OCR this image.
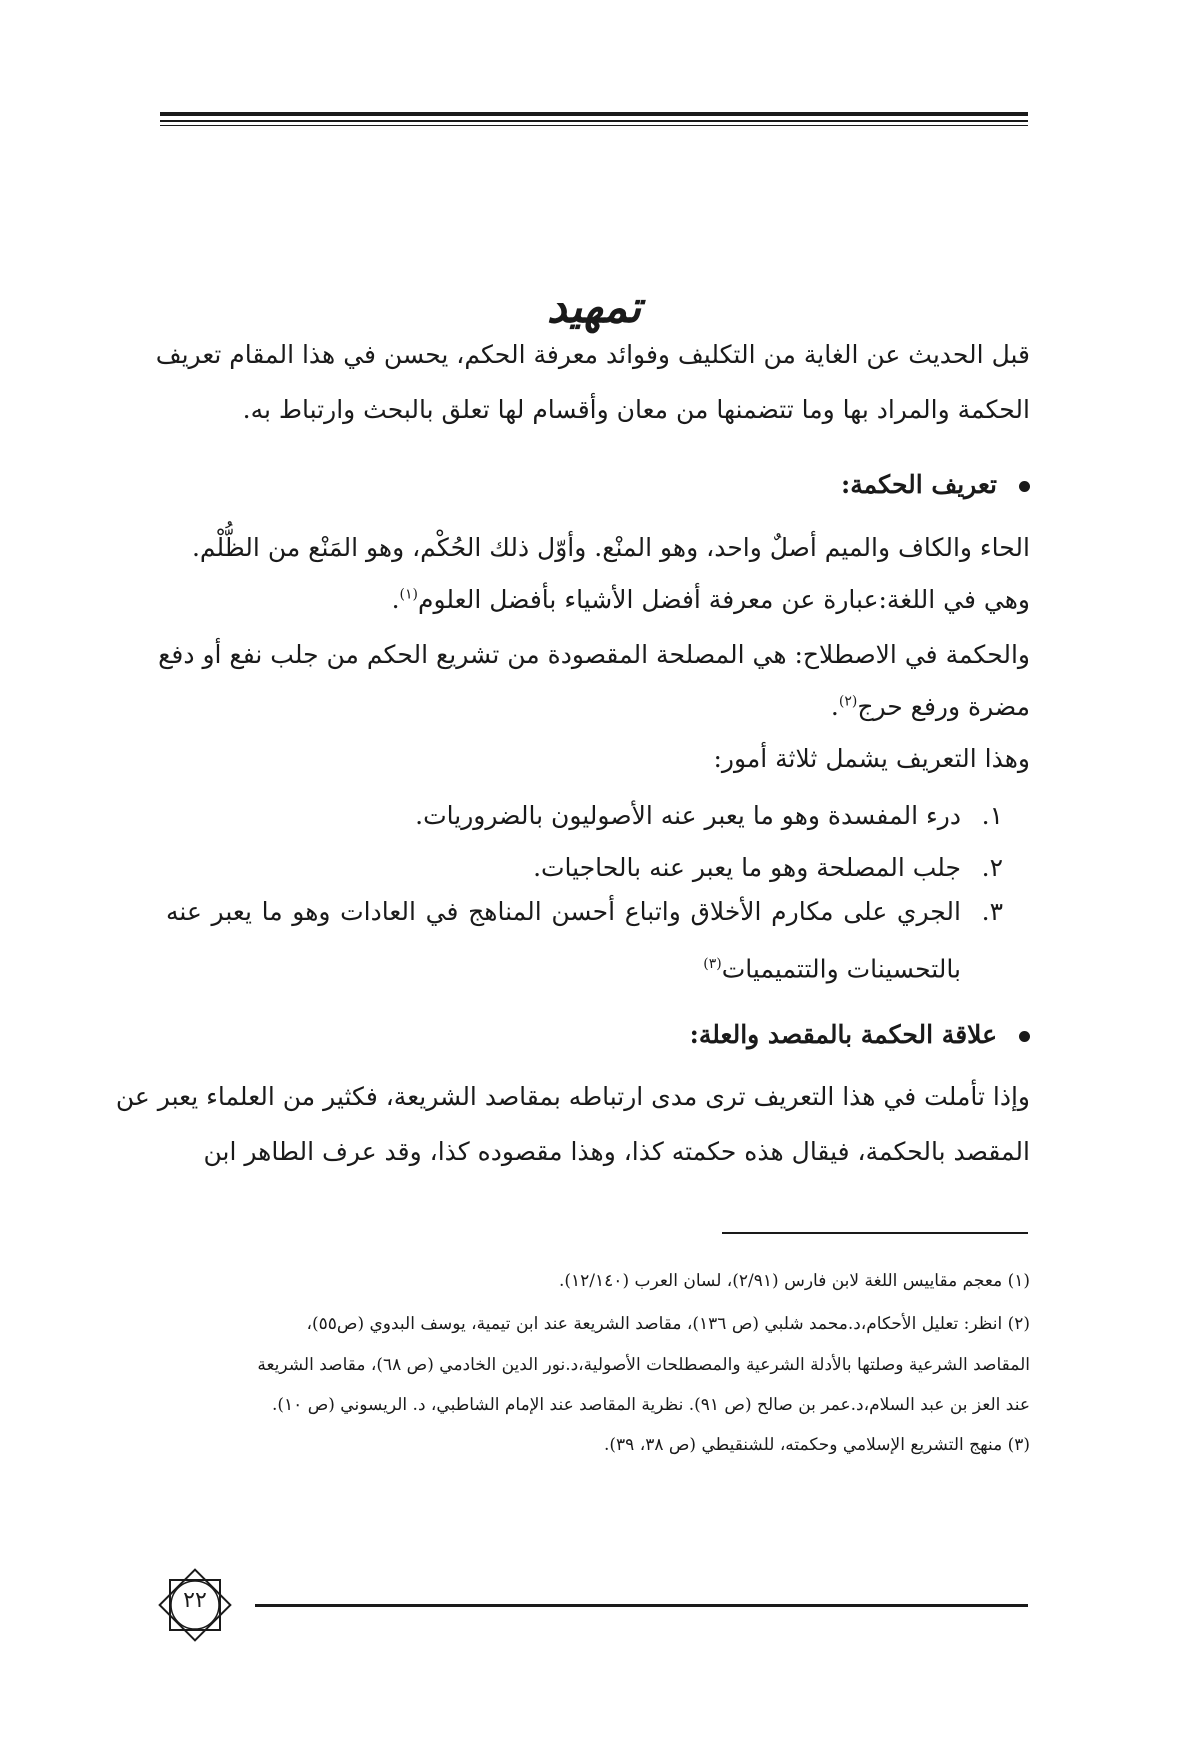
تمهيد
قبل الحديث عن الغاية من التكليف وفوائد معرفة الحكم، يحسن في هذا المقام تعريف
الحكمة والمراد بها وما تتضمنها من معان وأقسام لها تعلق بالبحث وارتباط به.
تعريف الحكمة:
الحاء والكاف والميم أصلٌ واحد، وهو المنْع. وأوّل ذلك الحُكْم، وهو المَنْع من الظُّلْم.
وهي في اللغة:عبارة عن معرفة أفضل الأشياء بأفضل العلوم$^{(١)}$.
والحكمة في الاصطلاح: هي المصلحة المقصودة من تشريع الحكم من جلب نفع أو دفع
مضرة ورفع حرج$^{(٢)}$.
وهذا التعريف يشمل ثلاثة أمور:
١.درء المفسدة وهو ما يعبر عنه الأصوليون بالضروريات.
٢.جلب المصلحة وهو ما يعبر عنه بالحاجيات.
٣.الجري على مكارم الأخلاق واتباع أحسن المناهج في العادات وهو ما يعبر عنه بالتحسينات والتتميميات$^{(٣)}$
علاقة الحكمة بالمقصد والعلة:
وإذا تأملت في هذا التعريف ترى مدى ارتباطه بمقاصد الشريعة، فكثير من العلماء يعبر عن
المقصد بالحكمة، فيقال هذه حكمته كذا، وهذا مقصوده كذا، وقد عرف الطاهر ابن
(١) معجم مقاييس اللغة لابن فارس (٢/٩١)، لسان العرب (١٢/١٤٠).
(٢) انظر: تعليل الأحكام،د.محمد شلبي (ص ١٣٦)، مقاصد الشريعة عند ابن تيمية، يوسف البدوي (ص٥٥)،
المقاصد الشرعية وصلتها بالأدلة الشرعية والمصطلحات الأصولية،د.نور الدين الخادمي (ص ٦٨)، مقاصد الشريعة
عند العز بن عبد السلام،د.عمر بن صالح (ص ٩١). نظرية المقاصد عند الإمام الشاطبي، د. الريسوني (ص ١٠).
(٣) منهج التشريع الإسلامي وحكمته، للشنقيطي (ص ٣٨، ٣٩).
٢٢
